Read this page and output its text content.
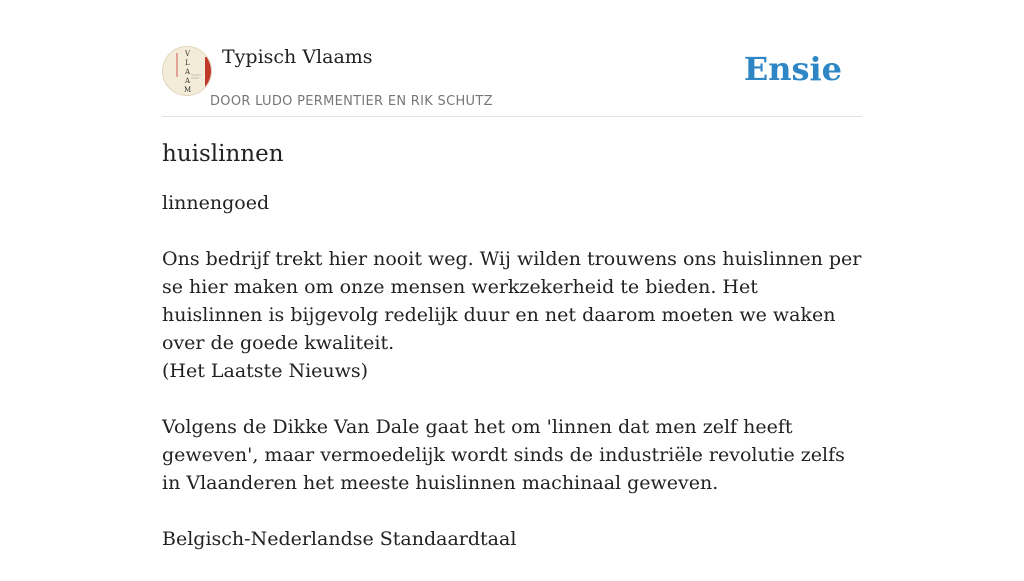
V
L
A
A
M
Typisch Vlaams
DOOR LUDO PERMENTIER EN RIK SCHUTZ
Ensie
huislinnen

linnengoed

Ons bedrijf trekt hier nooit weg. Wij wilden trouwens ons huislinnen per se hier maken om onze mensen werkzekerheid te bieden. Het huislinnen is bijgevolg redelijk duur en net daarom moeten we waken over de goede kwaliteit.
(Het Laatste Nieuws)

Volgens de Dikke Van Dale gaat het om 'linnen dat men zelf heeft geweven', maar vermoedelijk wordt sinds de industriële revolutie zelfs in Vlaanderen het meeste huislinnen machinaal geweven.

Belgisch-Nederlandse Standaardtaal
